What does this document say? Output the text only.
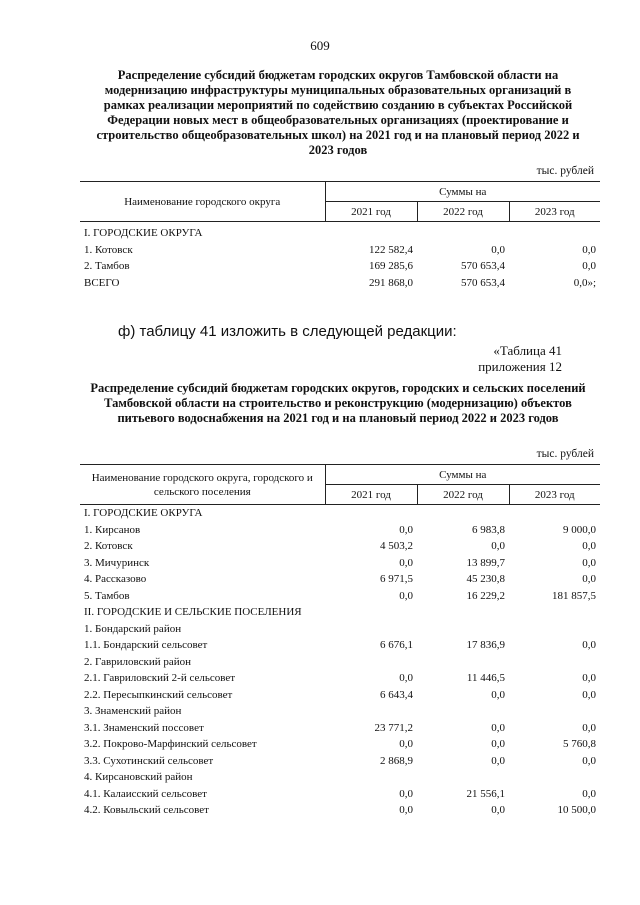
609
Распределение субсидий бюджетам городских округов Тамбовской области на модернизацию инфраструктуры муниципальных образовательных организаций в рамках реализации мероприятий по содействию созданию в субъектах Российской Федерации новых мест в общеобразовательных организациях (проектирование и строительство общеобразовательных школ) на 2021 год и на плановый период 2022 и 2023 годов
тыс. рублей
Наименование городского округа	Суммы на		
	2021 год	2022 год	2023 год
I. ГОРОДСКИЕ ОКРУГА			
1. Котовск	122 582,4	0,0	0,0
2. Тамбов	169 285,6	570 653,4	0,0
ВСЕГО	291 868,0	570 653,4	0,0»;
ф) таблицу 41 изложить в следующей редакции:
«Таблица 41
приложения 12
Распределение субсидий бюджетам городских округов, городских и сельских поселений Тамбовской области на строительство и реконструкцию (модернизацию) объектов питьевого водоснабжения на 2021 год и на плановый период 2022 и 2023 годов
тыс. рублей
Наименование городского округа, городского и сельского поселения	Суммы на		
	2021 год	2022 год	2023 год
I. ГОРОДСКИЕ ОКРУГА			
1. Кирсанов	0,0	6 983,8	9 000,0
2. Котовск	4 503,2	0,0	0,0
3. Мичуринск	0,0	13 899,7	0,0
4. Рассказово	6 971,5	45 230,8	0,0
5. Тамбов	0,0	16 229,2	181 857,5
II. ГОРОДСКИЕ И СЕЛЬСКИЕ ПОСЕЛЕНИЯ			
1. Бондарский район			
1.1. Бондарский сельсовет	6 676,1	17 836,9	0,0
2. Гавриловский район			
2.1. Гавриловский 2-й сельсовет	0,0	11 446,5	0,0
2.2. Пересыпкинский сельсовет	6 643,4	0,0	0,0
3. Знаменский район			
3.1. Знаменский поссовет	23 771,2	0,0	0,0
3.2. Покрово-Марфинский сельсовет	0,0	0,0	5 760,8
3.3. Сухотинский сельсовет	2 868,9	0,0	0,0
4. Кирсановский район			
4.1. Калаисский сельсовет	0,0	21 556,1	0,0
4.2. Ковыльский сельсовет	0,0	0,0	10 500,0
